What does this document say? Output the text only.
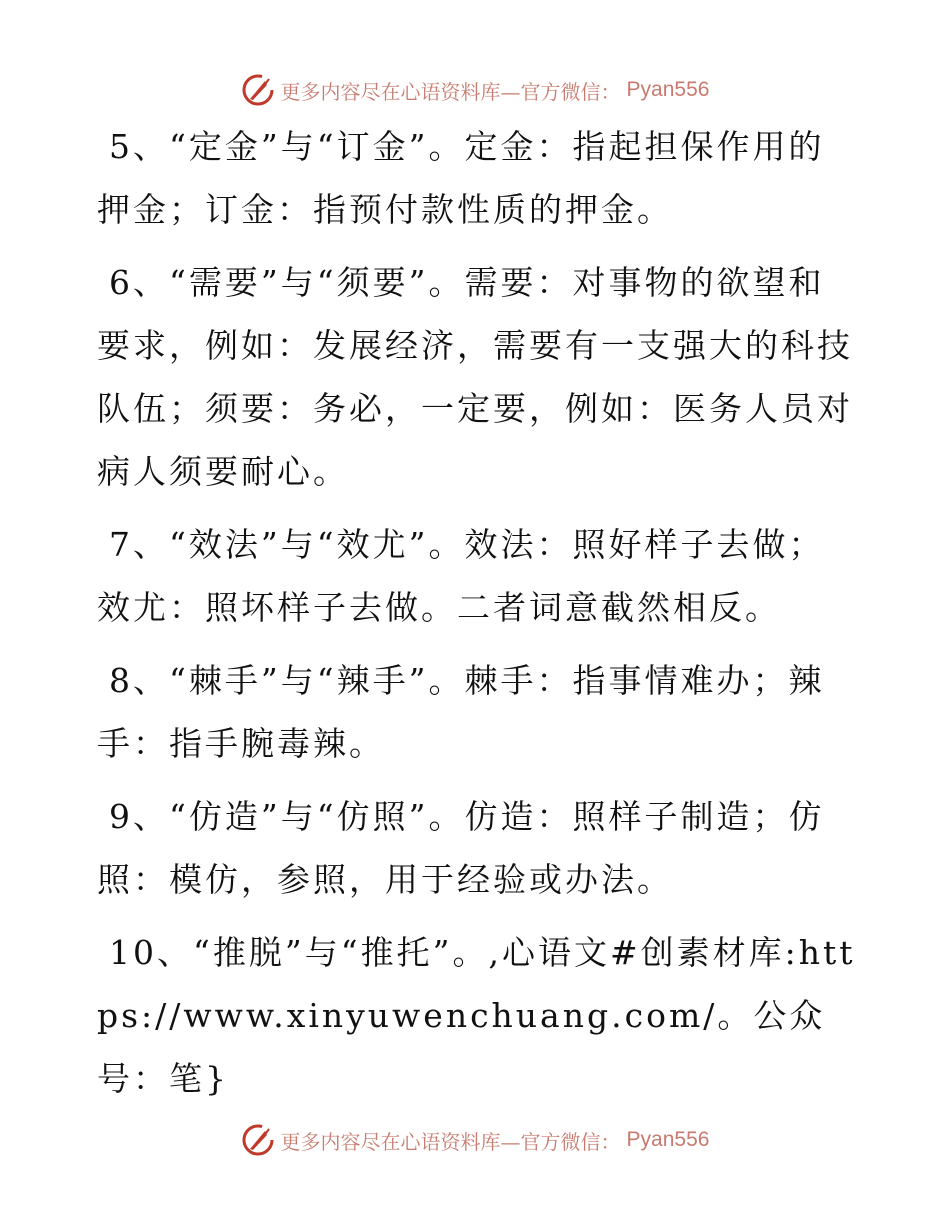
更多内容尽在心语资料库—官方微信： Pyan556

5、“定金”与“订金”。定金：指起担保作用的押金；订金：指预付款性质的押金。

6、“需要”与“须要”。需要：对事物的欲望和要求，例如：发展经济，需要有一支强大的科技队伍；须要：务必，一定要，例如：医务人员对病人须要耐心。

7、“效法”与“效尤”。效法：照好样子去做；效尤：照坏样子去做。二者词意截然相反。

8、“棘手”与“辣手”。棘手：指事情难办；辣手：指手腕毒辣。

9、“仿造”与“仿照”。仿造：照样子制造；仿照：模仿，参照，用于经验或办法。

10、“推脱”与“推托”。,心语文#创素材库:https://www.xinyuwenchuang.com/。公众号：笔}

更多内容尽在心语资料库—官方微信： Pyan556
